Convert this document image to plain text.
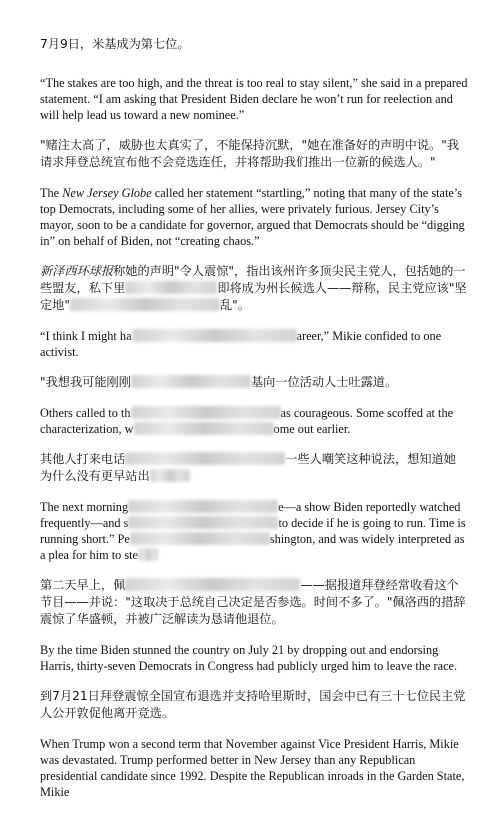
7月9日，米基成为第七位。

“The stakes are too high, and the threat is too real to stay silent,” she said in a prepared statement. “I am asking that President Biden declare he won’t run for reelection and will help lead us toward a new nominee.”

"赌注太高了，威胁也太真实了，不能保持沉默，"她在准备好的声明中说。"我请求拜登总统宣布他不会竞选连任，并将帮助我们推出一位新的候选人。"

The New Jersey Globe called her statement “startling,” noting that many of the state’s top Democrats, including some of her allies, were privately furious. Jersey City’s mayor, soon to be a candidate for governor, argued that Democrats should be “digging in” on behalf of Biden, not “creating chaos.”

新泽西环球报称她的声明"令人震惊"，指出该州许多顶尖民主党人，包括她的一些盟友，私下里	即将成为州长候选人——辩称，民主党应该"坚定地"	乱"。

“I think I might ha	areer,” Mikie confided to one activist.

"我想我可能刚刚	基向一位活动人士吐露道。

Others called to th	as courageous. Some scoffed at the characterization, w	ome out earlier.

其他人打来电话	一些人嘲笑这种说法，想知道她为什么没有更早站出

The next morning	e—a show Biden reportedly watched frequently—and s	to decide if he is going to run. Time is running short.” Pe	shington, and was widely interpreted as a plea for him to ste

第二天早上，佩	——据报道拜登经常收看这个节目——并说："这取决于总统自己决定是否参选。时间不多了。"佩洛西的措辞震惊了华盛顿，并被广泛解读为恳请他退位。

By the time Biden stunned the country on July 21 by dropping out and endorsing Harris, thirty-seven Democrats in Congress had publicly urged him to leave the race.

到7月21日拜登震惊全国宣布退选并支持哈里斯时，国会中已有三十七位民主党人公开敦促他离开竞选。

When Trump won a second term that November against Vice President Harris, Mikie was devastated. Trump performed better in New Jersey than any Republican presidential candidate since 1992. Despite the Republican inroads in the Garden State, Mikie
